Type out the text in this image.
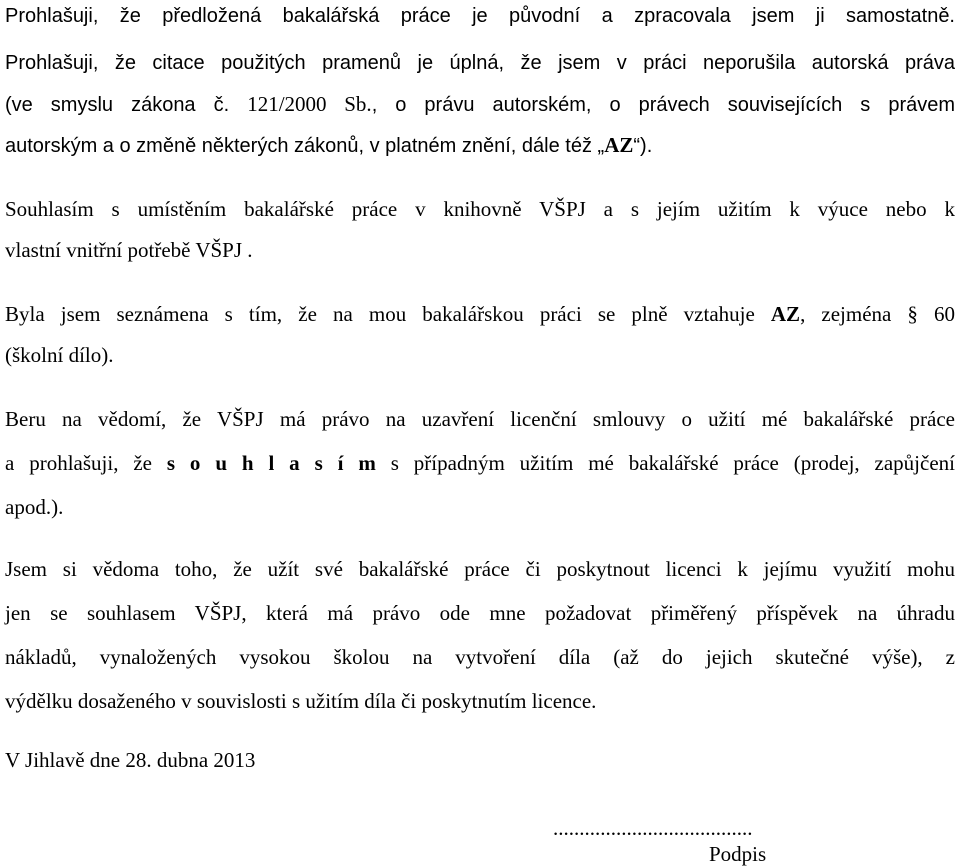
Prohlašuji, že předložená bakalářská práce je původní a zpracovala jsem ji samostatně.
Prohlašuji, že citace použitých pramenů je úplná, že jsem v práci neporušila autorská práva
(ve smyslu zákona č. 121/2000 Sb., o právu autorském, o právech souvisejících s právem
autorským a o změně některých zákonů, v platném znění, dále též „AZ“).
Souhlasím s umístěním bakalářské práce v knihovně VŠPJ a s jejím užitím k výuce nebo k
vlastní vnitřní potřebě VŠPJ .
Byla jsem seznámena s tím, že na mou bakalářskou práci se plně vztahuje AZ, zejména § 60
(školní dílo).
Beru na vědomí, že VŠPJ má právo na uzavření licenční smlouvy o užití mé bakalářské práce
a prohlašuji, že s o u h l a s í m s případným užitím mé bakalářské práce (prodej, zapůjčení
apod.).
Jsem si vědoma toho, že užít své bakalářské práce či poskytnout licenci k jejímu využití mohu
jen se souhlasem VŠPJ, která má právo ode mne požadovat přiměřený příspěvek na úhradu
nákladů, vynaložených vysokou školou na vytvoření díla (až do jejich skutečné výše), z
výdělku dosaženého v souvislosti s užitím díla či poskytnutím licence.
V Jihlavě dne 28. dubna 2013
......................................
Podpis
